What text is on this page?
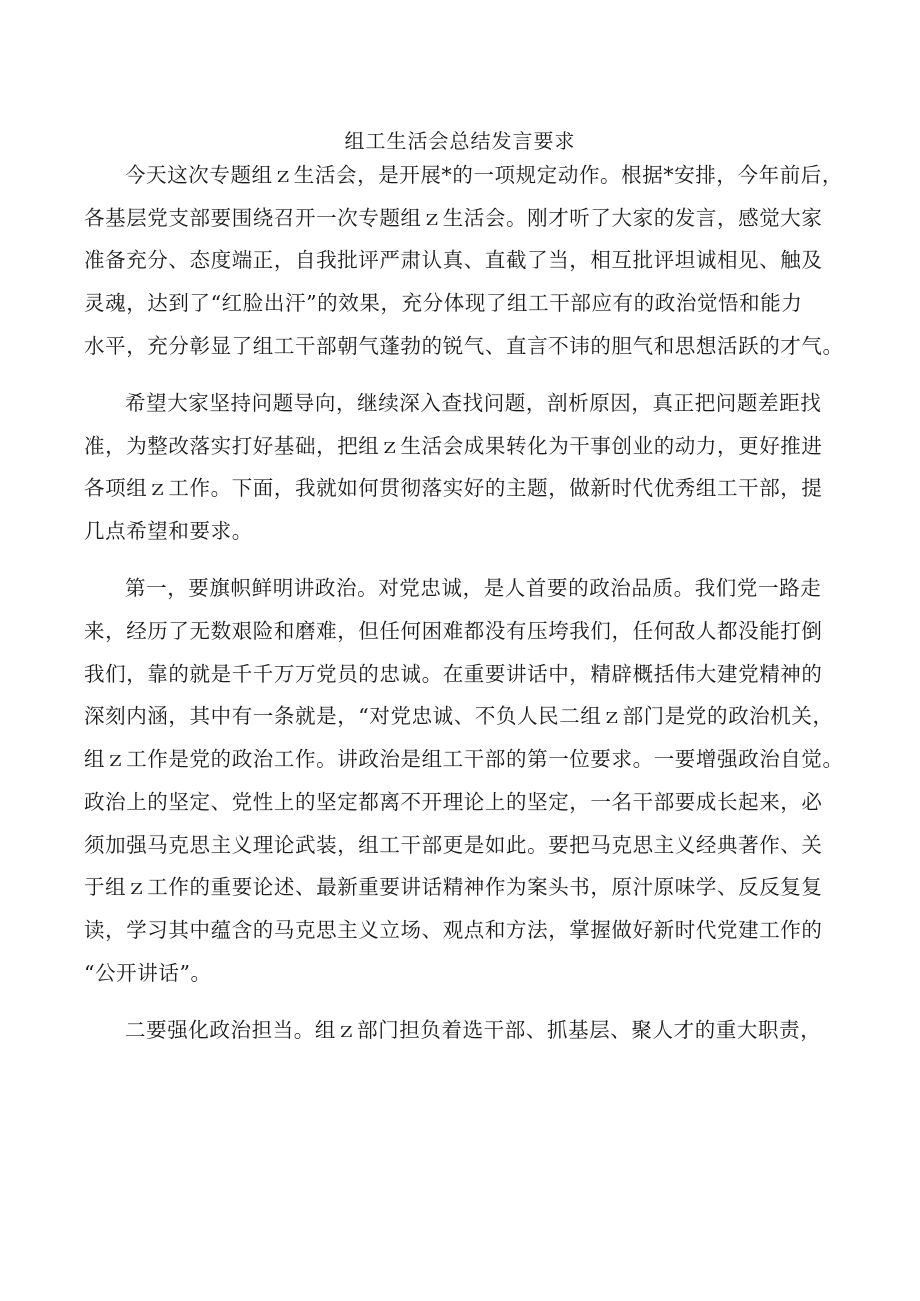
组工生活会总结发言要求

今天这次专题组ｚ生活会，是开展*的一项规定动作。根据*安排，今年前后，
各基层党支部要围绕召开一次专题组ｚ生活会。刚才听了大家的发言，感觉大家
准备充分、态度端正，自我批评严肃认真、直截了当，相互批评坦诚相见、触及
灵魂，达到了“红脸出汗”的效果，充分体现了组工干部应有的政治觉悟和能力
水平，充分彰显了组工干部朝气蓬勃的锐气、直言不讳的胆气和思想活跃的才气。

希望大家坚持问题导向，继续深入查找问题，剖析原因，真正把问题差距找
准，为整改落实打好基础，把组ｚ生活会成果转化为干事创业的动力，更好推进
各项组ｚ工作。下面，我就如何贯彻落实好的主题，做新时代优秀组工干部，提
几点希望和要求。

第一，要旗帜鲜明讲政治。对党忠诚，是人首要的政治品质。我们党一路走
来，经历了无数艰险和磨难，但任何困难都没有压垮我们，任何敌人都没能打倒
我们，靠的就是千千万万党员的忠诚。在重要讲话中，精辟概括伟大建党精神的
深刻内涵，其中有一条就是，“对党忠诚、不负人民二组ｚ部门是党的政治机关，
组ｚ工作是党的政治工作。讲政治是组工干部的第一位要求。一要增强政治自觉。
政治上的坚定、党性上的坚定都离不开理论上的坚定，一名干部要成长起来，必
须加强马克思主义理论武装，组工干部更是如此。要把马克思主义经典著作、关
于组ｚ工作的重要论述、最新重要讲话精神作为案头书，原汁原味学、反反复复
读，学习其中蕴含的马克思主义立场、观点和方法，掌握做好新时代党建工作的
“公开讲话”。

二要强化政治担当。组ｚ部门担负着选干部、抓基层、聚人才的重大职责，
